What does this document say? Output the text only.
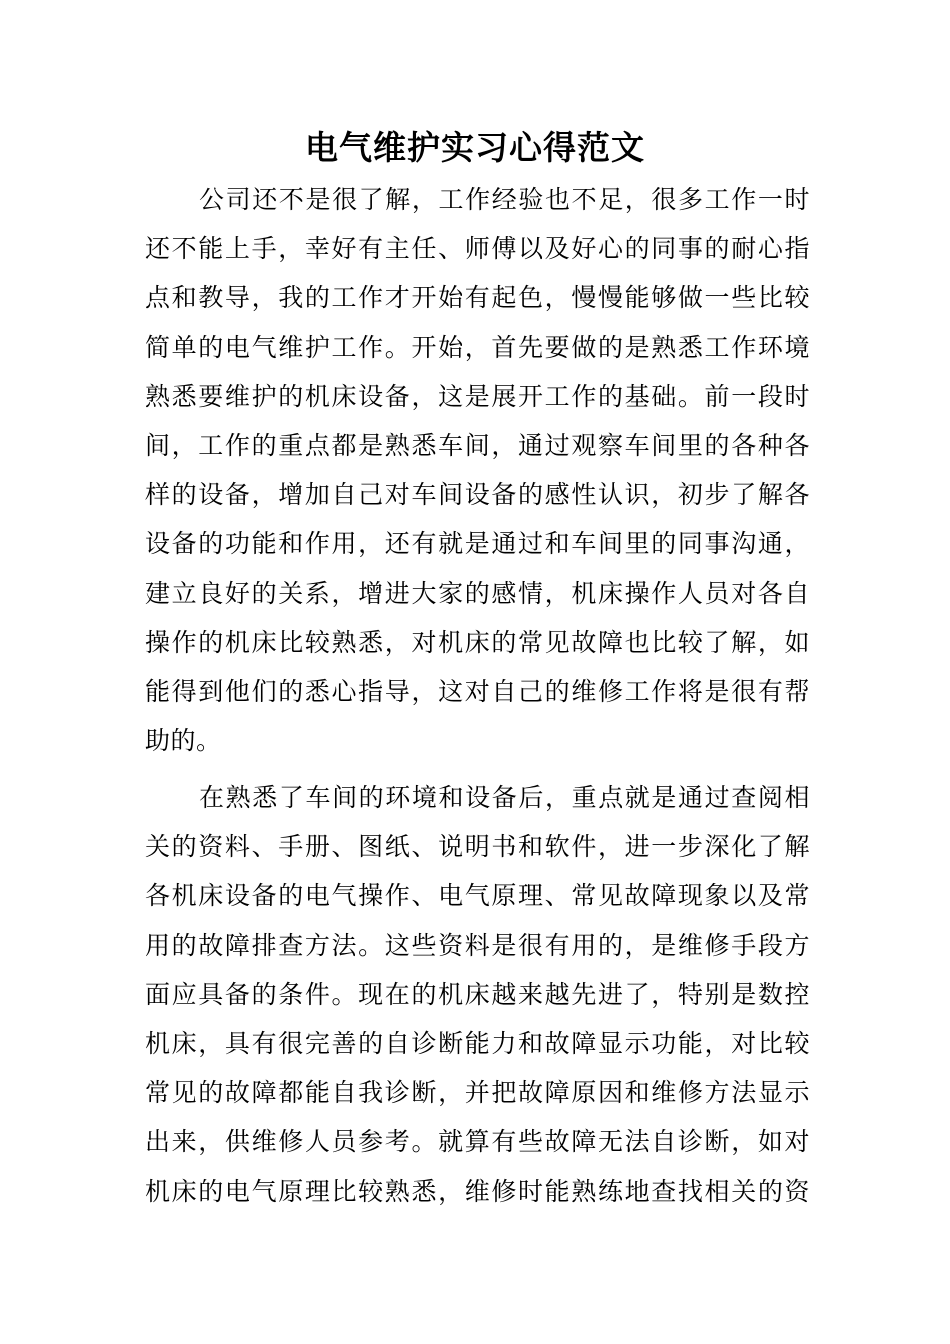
电气维护实习心得范文
公司还不是很了解，工作经验也不足，很多工作一时
还不能上手，幸好有主任、师傅以及好心的同事的耐心指
点和教导，我的工作才开始有起色，慢慢能够做一些比较
简单的电气维护工作。开始，首先要做的是熟悉工作环境
熟悉要维护的机床设备，这是展开工作的基础。前一段时
间，工作的重点都是熟悉车间，通过观察车间里的各种各
样的设备，增加自己对车间设备的感性认识，初步了解各
设备的功能和作用，还有就是通过和车间里的同事沟通，
建立良好的关系，增进大家的感情，机床操作人员对各自
操作的机床比较熟悉，对机床的常见故障也比较了解，如
能得到他们的悉心指导，这对自己的维修工作将是很有帮
助的。
在熟悉了车间的环境和设备后，重点就是通过查阅相
关的资料、手册、图纸、说明书和软件，进一步深化了解
各机床设备的电气操作、电气原理、常见故障现象以及常
用的故障排查方法。这些资料是很有用的，是维修手段方
面应具备的条件。现在的机床越来越先进了，特别是数控
机床，具有很完善的自诊断能力和故障显示功能，对比较
常见的故障都能自我诊断，并把故障原因和维修方法显示
出来，供维修人员参考。就算有些故障无法自诊断，如对
机床的电气原理比较熟悉，维修时能熟练地查找相关的资
